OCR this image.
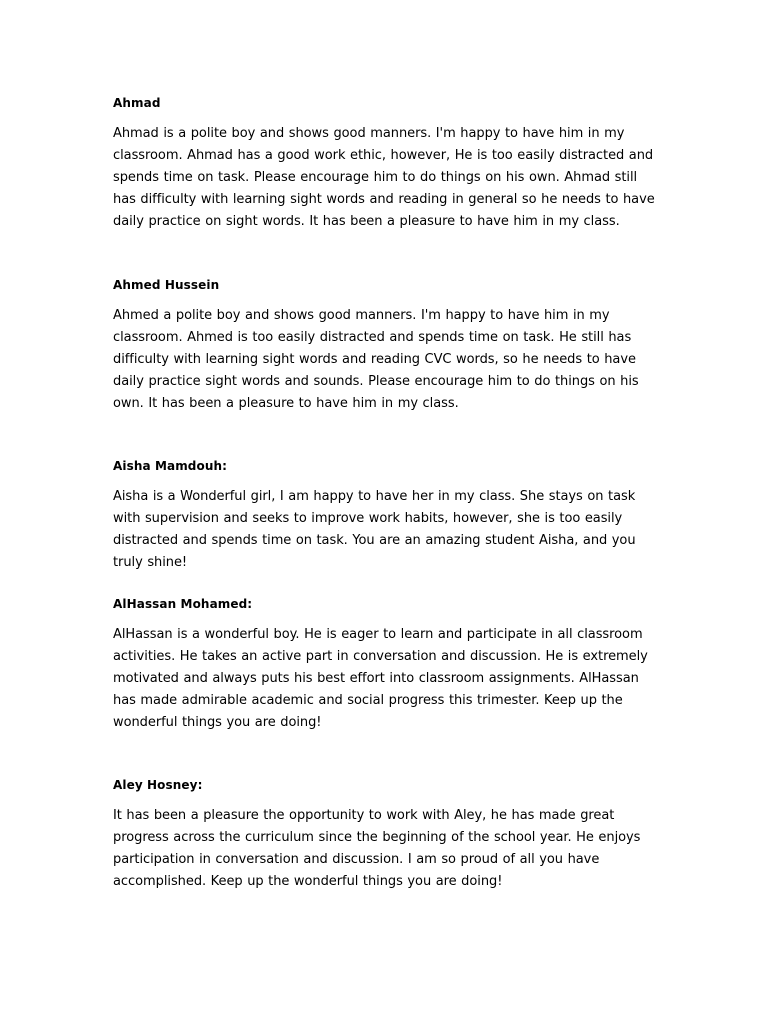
Ahmad

Ahmad is a polite boy and shows good manners. I'm happy to have him in my classroom. Ahmad has a good work ethic, however, He is too easily distracted and spends time on task. Please encourage him to do things on his own. Ahmad still has difficulty with learning sight words and reading in general so he needs to have daily practice on sight words. It has been a pleasure to have him in my class.

Ahmed Hussein

Ahmed a polite boy and shows good manners. I'm happy to have him in my classroom. Ahmed is too easily distracted and spends time on task. He still has difficulty with learning sight words and reading CVC words, so he needs to have daily practice sight words and sounds. Please encourage him to do things on his own. It has been a pleasure to have him in my class.

Aisha Mamdouh:

Aisha is a Wonderful girl, I am happy to have her in my class. She stays on task with supervision and seeks to improve work habits, however, she is too easily distracted and spends time on task. You are an amazing student Aisha, and you truly shine!

AlHassan Mohamed:

AlHassan is a wonderful boy. He is eager to learn and participate in all classroom activities. He takes an active part in conversation and discussion. He is extremely motivated and always puts his best effort into classroom assignments. AlHassan has made admirable academic and social progress this trimester. Keep up the wonderful things you are doing!

Aley Hosney:

It has been a pleasure the opportunity to work with Aley, he has made great progress across the curriculum since the beginning of the school year. He enjoys participation in conversation and discussion. I am so proud of all you have accomplished. Keep up the wonderful things you are doing!
